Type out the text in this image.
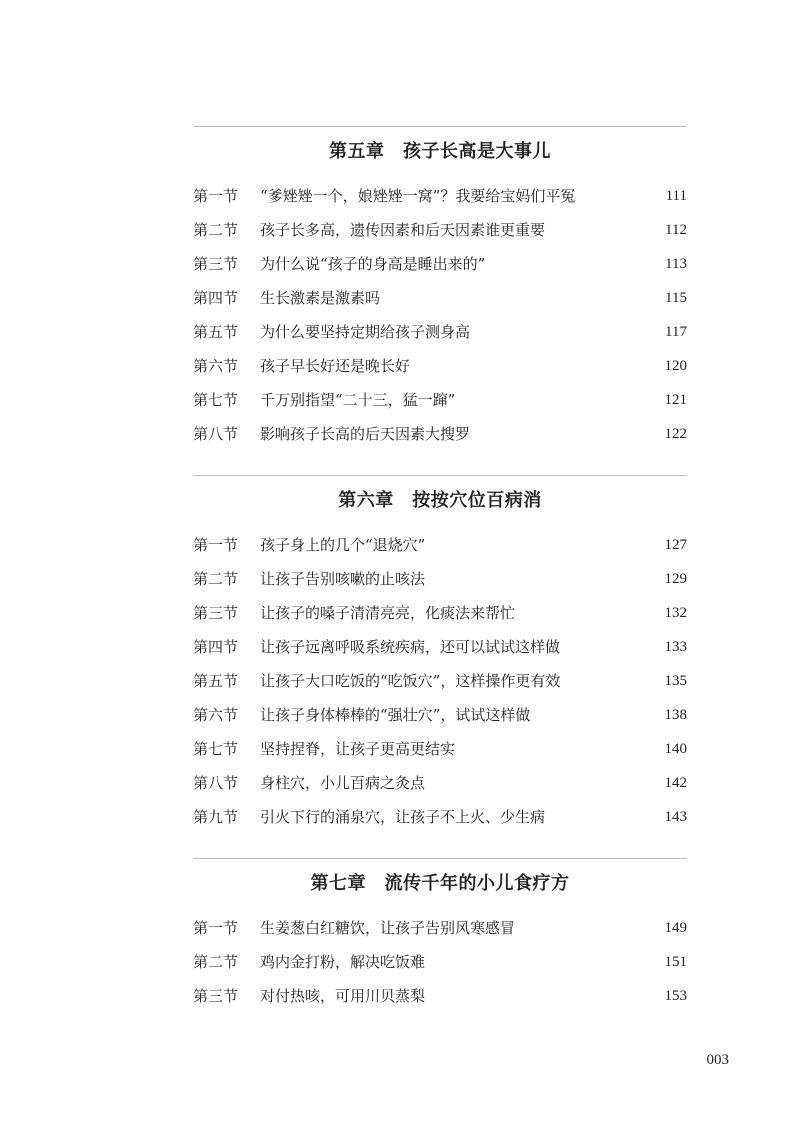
第五章　孩子长高是大事儿
第一节	“爹矬矬一个，娘矬矬一窝”？我要给宝妈们平冤	111
第二节	孩子长多高，遗传因素和后天因素谁更重要	112
第三节	为什么说“孩子的身高是睡出来的”	113
第四节	生长激素是激素吗	115
第五节	为什么要坚持定期给孩子测身高	117
第六节	孩子早长好还是晚长好	120
第七节	千万别指望“二十三，猛一蹿”	121
第八节	影响孩子长高的后天因素大搜罗	122
第六章　按按穴位百病消
第一节	孩子身上的几个“退烧穴”	127
第二节	让孩子告别咳嗽的止咳法	129
第三节	让孩子的嗓子清清亮亮，化痰法来帮忙	132
第四节	让孩子远离呼吸系统疾病，还可以试试这样做	133
第五节	让孩子大口吃饭的“吃饭穴”，这样操作更有效	135
第六节	让孩子身体棒棒的“强壮穴”，试试这样做	138
第七节	坚持捏脊，让孩子更高更结实	140
第八节	身柱穴，小儿百病之灸点	142
第九节	引火下行的涌泉穴，让孩子不上火、少生病	143
第七章　流传千年的小儿食疗方
第一节	生姜葱白红糖饮，让孩子告别风寒感冒	149
第二节	鸡内金打粉，解决吃饭难	151
第三节	对付热咳，可用川贝蒸梨	153
003
